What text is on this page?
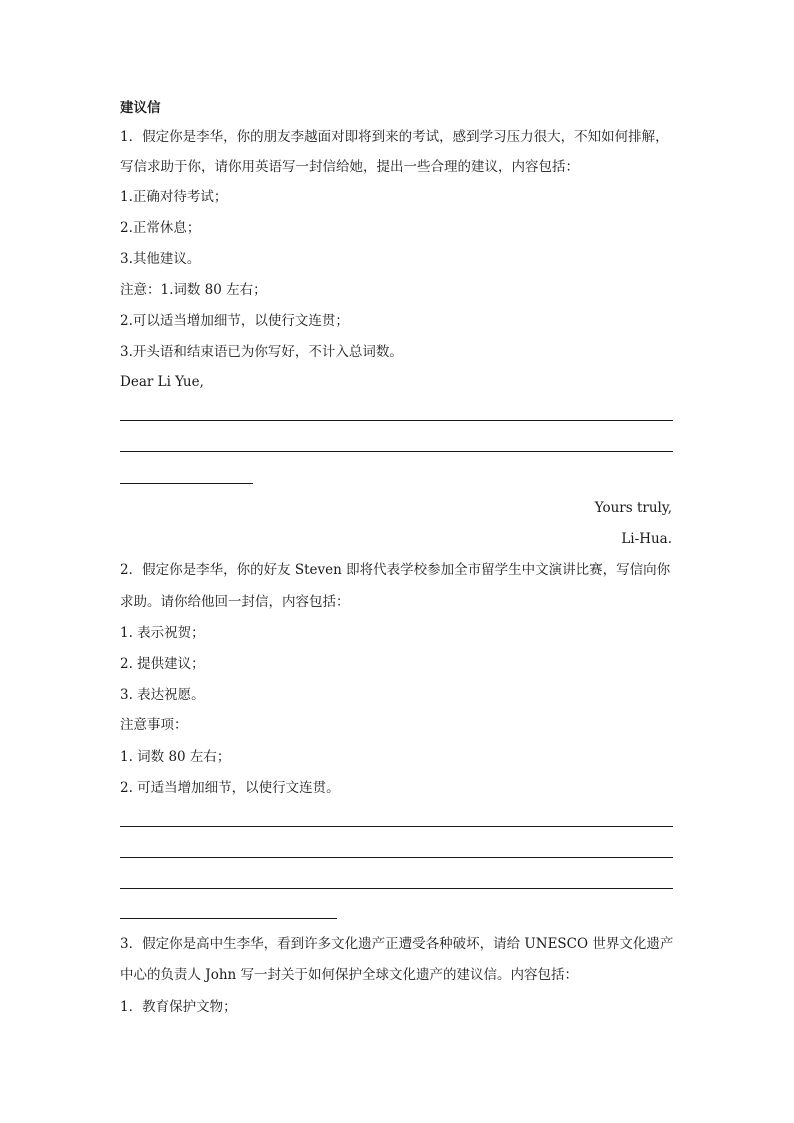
建议信
1．假定你是李华，你的朋友李越面对即将到来的考试，感到学习压力很大，不知如何排解，
写信求助于你，请你用英语写一封信给她，提出一些合理的建议，内容包括：
1.正确对待考试；
2.正常休息；
3.其他建议。
注意：1.词数 80 左右；
2.可以适当增加细节，以使行文连贯；
3.开头语和结束语已为你写好，不计入总词数。
Dear Li Yue,
Yours truly,
Li-Hua.
2．假定你是李华，你的好友 Steven 即将代表学校参加全市留学生中文演讲比赛，写信向你
求助。请你给他回一封信，内容包括：
1. 表示祝贺；
2. 提供建议；
3. 表达祝愿。
注意事项：
1. 词数 80 左右；
2. 可适当增加细节，以使行文连贯。
3．假定你是高中生李华，看到许多文化遗产正遭受各种破坏，请给 UNESCO 世界文化遗产
中心的负责人 John 写一封关于如何保护全球文化遗产的建议信。内容包括：
1．教育保护文物；
